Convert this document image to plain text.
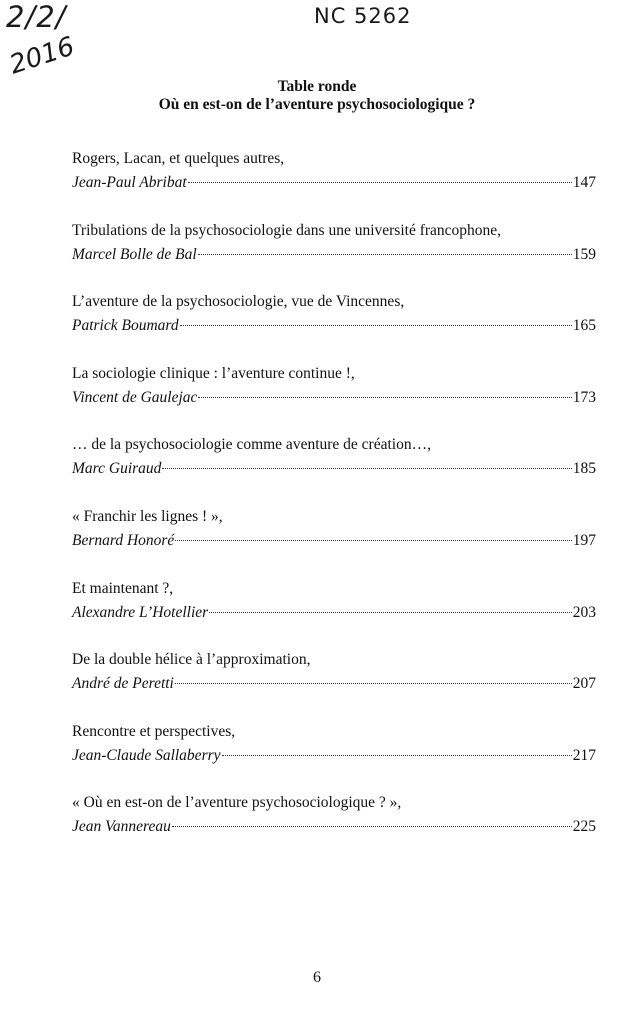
2/2/
2016
NC 5262
Table ronde
Où en est-on de l’aventure psychosociologique ?
Rogers, Lacan, et quelques autres,
Jean-Paul Abribat	147
Tribulations de la psychosociologie dans une université francophone,
Marcel Bolle de Bal	159
L’aventure de la psychosociologie, vue de Vincennes,
Patrick Boumard	165
La sociologie clinique : l’aventure continue !,
Vincent de Gaulejac	173
… de la psychosociologie comme aventure de création…,
Marc Guiraud	185
« Franchir les lignes ! »,
Bernard Honoré	197
Et maintenant ?,
Alexandre L’Hotellier	203
De la double hélice à l’approximation,
André de Peretti	207
Rencontre et perspectives,
Jean-Claude Sallaberry	217
« Où en est-on de l’aventure psychosociologique ? »,
Jean Vannereau	225
6
